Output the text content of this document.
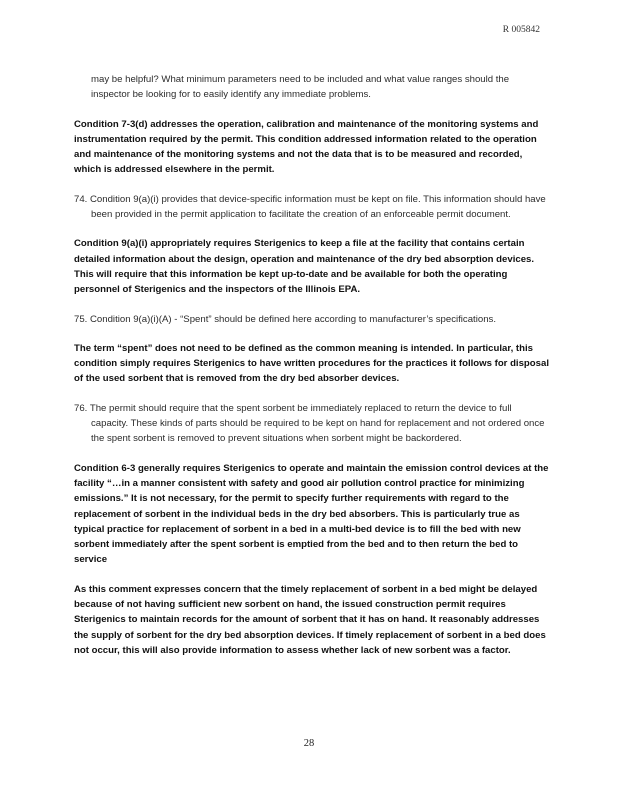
R 005842

may be helpful? What minimum parameters need to be included and what value ranges should the inspector be looking for to easily identify any immediate problems.

Condition 7-3(d) addresses the operation, calibration and maintenance of the monitoring systems and instrumentation required by the permit. This condition addressed information related to the operation and maintenance of the monitoring systems and not the data that is to be measured and recorded, which is addressed elsewhere in the permit.

74. Condition 9(a)(i) provides that device-specific information must be kept on file. This information should have been provided in the permit application to facilitate the creation of an enforceable permit document.

Condition 9(a)(i) appropriately requires Sterigenics to keep a file at the facility that contains certain detailed information about the design, operation and maintenance of the dry bed absorption devices. This will require that this information be kept up-to-date and be available for both the operating personnel of Sterigenics and the inspectors of the Illinois EPA.

75. Condition 9(a)(i)(A) - “Spent” should be defined here according to manufacturer’s specifications.

The term “spent” does not need to be defined as the common meaning is intended. In particular, this condition simply requires Sterigenics to have written procedures for the practices it follows for disposal of the used sorbent that is removed from the dry bed absorber devices.

76. The permit should require that the spent sorbent be immediately replaced to return the device to full capacity. These kinds of parts should be required to be kept on hand for replacement and not ordered once the spent sorbent is removed to prevent situations when sorbent might be backordered.

Condition 6-3 generally requires Sterigenics to operate and maintain the emission control devices at the facility “…in a manner consistent with safety and good air pollution control practice for minimizing emissions.” It is not necessary, for the permit to specify further requirements with regard to the replacement of sorbent in the individual beds in the dry bed absorbers. This is particularly true as typical practice for replacement of sorbent in a bed in a multi-bed device is to fill the bed with new sorbent immediately after the spent sorbent is emptied from the bed and to then return the bed to service

As this comment expresses concern that the timely replacement of sorbent in a bed might be delayed because of not having sufficient new sorbent on hand, the issued construction permit requires Sterigenics to maintain records for the amount of sorbent that it has on hand. It reasonably addresses the supply of sorbent for the dry bed absorption devices. If timely replacement of sorbent in a bed does not occur, this will also provide information to assess whether lack of new sorbent was a factor.

28
